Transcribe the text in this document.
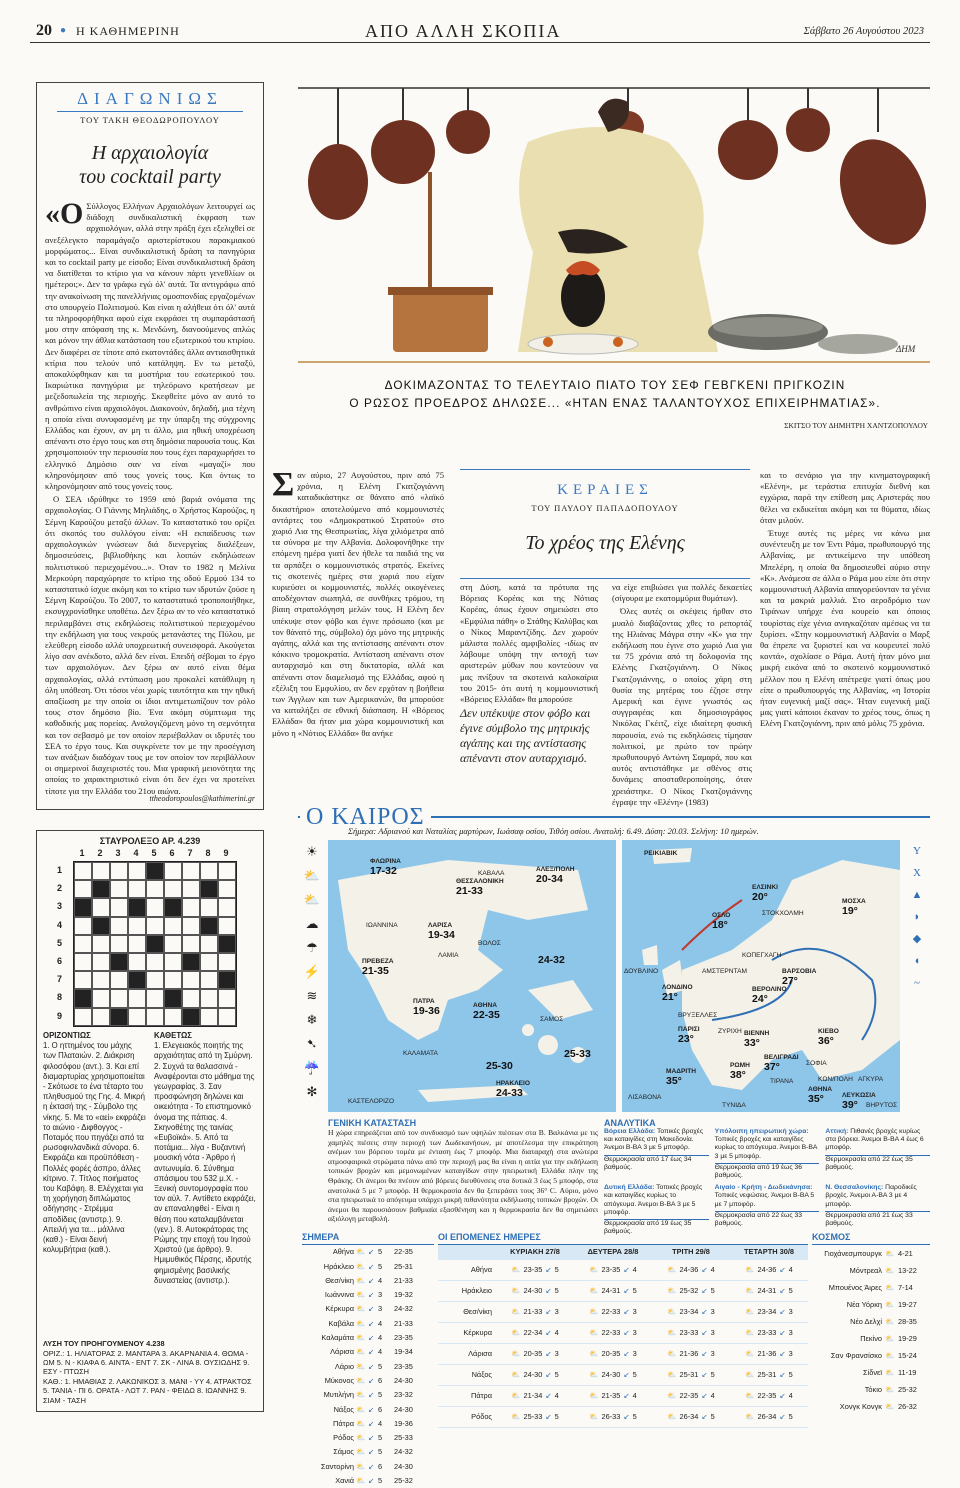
20 ● Η ΚΑΘΗΜΕΡΙΝΗ	ΑΠΟ ΑΛΛΗ ΣΚΟΠΙΑ	Σάββατο 26 Αυγούστου 2023
ΔΙΑΓΩΝΙΩΣ
ΤΟΥ ΤΑΚΗ ΘΕΟΔΩΡΟΠΟΥΛΟΥ
Η αρχαιολογία
του cocktail party

«Ο Σύλλογος Ελλήνων Αρχαιολόγων λειτουργεί ως διάδοχη συνδικαλιστική έκφραση των αρχαιολόγων, αλλά στην πράξη έχει εξελιχθεί σε ανεξέλεγκτο παραμάγαζο αριστερίστικου παρακμιακού μορφώματος... Είναι συνδικαλιστική δράση τα πανηγύρια και το cocktail party με είσοδο; Είναι συνδικαλιστική δράση να διατίθεται το κτίριο για να κάνουν πάρτι γενεθλίων οι ημέτεροι;». Δεν τα γράφω εγώ όλ' αυτά. Τα αντιγράφω από την ανακοίνωση της πανελλήνιας ομοσπονδίας εργαζομένων στο υπουργείο Πολιτισμού. Και είναι η αλήθεια ότι όλ' αυτά τα πληροφορήθηκα αφού είχα εκφράσει τη συμπαράστασή μου στην απόφαση της κ. Μενδώνη, διανοούμενος απλώς και μόνον την άθλια κατάσταση του εξωτερικού του κτιρίου. Δεν διαφέρει σε τίποτε από εκατοντάδες άλλα αντιαισθητικά κτίρια που τελούν υπό κατάληψη. Εν τω μεταξύ, αποκαλύφθηκαν και τα μυστήρια του εσωτερικού του. Ικαριώτικα πανηγύρια με τηλεόρωνο κρατήσεων με μεζεδοπωλεία της περιοχής. Σκεφθείτε μόνο αν αυτό το ανθρώπινο είναι αρχαιολόγοι. Διακονούν, δηλαδή, μια τέχνη η οποία είναι συνυφασμένη με την ύπαρξη της σύγχρονης Ελλάδος και έχουν, αν μη τι άλλο, μια ηθική υποχρέωση απέναντι στο έργο τους και στη δημόσια παρουσία τους. Και χρησιμοποιούν την περιουσία που τους έχει παραχωρήσει το ελληνικό Δημόσιο σαν να είναι «μαγαζί» που κληρονόμησαν από τους γονείς τους. Και όντως το κληρονόμησαν από τους γονείς τους.

Ο ΣΕΑ ιδρύθηκε το 1959 από βαριά ονόματα της αρχαιολογίας. Ο Γιάννης Μηλιάδης, ο Χρήστος Καρούζος, η Σέμνη Καρούζου μεταξύ άλλων. Το καταστατικό του ορίζει ότι σκοπός του συλλόγου είναι: «Η εκπαίδευσις των αρχαιολογικών γνώσεων διά διενεργείας διαλέξεων, δημοσιεύσεις, βιβλιοθήκης και λοιπών εκδηλώσεων πολιτιστικού περιεχομένου...». Όταν το 1982 η Μελίνα Μερκούρη παραχώρησε το κτίριο της οδού Ερμού 134 το καταστατικό ίσχυε ακόμη και το κτίριο των ιδρυτών ζούσε η Σέμνη Καρούζου. Το 2007, το καταστατικό τροποποιήθηκε, εκσυγχρονίσθηκε υποθέτω. Δεν ξέρω αν το νέο καταστατικό περιλαμβάνει στις εκδηλώσεις πολιτιστικού περιεχομένου την εκδήλωση για τους νεκρούς μετανάστες της Πύλου, με ελεύθερη είσοδο αλλά υποχρεωτική συνεισφορά. Ακούγεται λίγο σαν ανέκδοτο, αλλά δεν είναι. Επειδή σέβομαι το έργο των αρχαιολόγων. Δεν ξέρω αν αυτό είναι θέμα αρχαιολογίας, αλλά εντύπωση μου προκαλεί κατάθλιψη η όλη υπόθεση. Ότι τόσοι νέοι χωρίς ταυτότητα και την ηθική απαξίωση με την οποία οι ίδιοι αντιμετωπίζουν τον ρόλο τους στον δημόσιο βίο. Ένα ακόμη σύμπτωμα της καθοδικής μας πορείας. Αναλογιζόμενη μόνο τη σεμνότητα και τον σεβασμό με τον οποίον περιέβαλλαν οι ιδρυτές του ΣΕΑ το έργο τους. Και συγκρίνετε τον με την προσέγγιση των ανάξιων διαδόχων τους με τον οποίον τον περιβάλλουν οι σημερινοί διαχειριστές του. Μια γραφική μειονότητα της οποίας το χαρακτηριστικό είναι ότι δεν έχει να προτείνει τίποτε για την Ελλάδα του 21ου αιώνα.

ttheodoropoulos@kathimerini.gr
ΔΗΜ
ΔΟΚΙΜΑΖΟΝΤΑΣ ΤΟ ΤΕΛΕΥΤΑΙΟ ΠΙΑΤΟ ΤΟΥ ΣΕΦ ΓΕΒΓΚΕΝΙ ΠΡΙΓΚΟΖΙΝ
Ο ΡΩΣΟΣ ΠΡΟΕΔΡΟΣ ΔΗΛΩΣΕ... «ΗΤΑΝ ΕΝΑΣ ΤΑΛΑΝΤΟΥΧΟΣ ΕΠΙΧΕΙΡΗΜΑΤΙΑΣ».
ΣΚΙΤΣΟ ΤΟΥ ΔΗΜΗΤΡΗ ΧΑΝΤΖΟΠΟΥΛΟΥ

Σαν αύριο, 27 Αυγούστου, πριν από 75 χρόνια, η Ελένη Γκατζογιάννη καταδικάστηκε σε θάνατο από «λαϊκό δικαστήριο» αποτελούμενο από κομμουνιστές αντάρτες του «Δημοκρατικού Στρατού» στο χωριό Λια της Θεσπρωτίας, λίγα χιλιόμετρα από τα σύνορα με την Αλβανία. Δολοφονήθηκε την επόμενη ημέρα γιατί δεν ήθελε τα παιδιά της να τα αρπάξει ο κομμουνιστικός στρατός. Εκείνες τις σκοτεινές ημέρες στα χωριά που είχαν κυριεύσει οι κομμουνιστές, πολλές οικογένειες αποδέχονταν σιωπηλά, σε συνθήκες τρόμου, τη βίαιη στρατολόγηση μελών τους. Η Ελένη δεν υπέκυψε στον φόβο και έγινε πρόσωπο (και με τον θάνατό της, σύμβολο) όχι μόνο της μητρικής αγάπης, αλλά και της αντίστασης απέναντι στον κόκκινο τρομοκρατία. Αντίσταση απέναντι στον αυταρχισμό και στη δικτατορία, αλλά και απέναντι στον διαμελισμό της Ελλάδας, αφού η εξέλιξη του Εμφυλίου, αν δεν ερχόταν η βοήθεια των Άγγλων και των Αμερικανών, θα μπορούσε να καταλήξει σε εθνική διάσπαση. Η «Βόρειος Ελλάδα» θα ήταν μια χώρα κομμουνιστική και μόνο η «Νότιος Ελλάδα» θα ανήκε

ΚΕΡΑΙΕΣ
ΤΟΥ ΠΑΥΛΟΥ ΠΑΠΑΔΟΠΟΥΛΟΥ
Το χρέος της Ελένης

στη Δύση, κατά τα πρότυπα της Βόρειας Κορέας και της Νότιας Κορέας, όπως έχουν σημειώσει στο «Εμφύλια πάθη» ο Στάθης Καλύβας και ο Νίκος Μαραντζίδης. Δεν χωρούν μάλιστα πολλές αμφιβολίες -ιδίως αν λάβουμε υπόψη την αντοχή των αριστερών μύθων που κοντεύουν να μας πνίξουν τα σκοτεινά καλοκαίρια του 2015- ότι αυτή η κομμουνιστική «Βόρειος Ελλάδα» θα μπορούσε

να είχε επιβιώσει για πολλές δεκαετίες (σίγουρα με εκατομμύρια θυμάτων).

Όλες αυτές οι σκέψεις ήρθαν στο μυαλό διαβάζοντας χθες το ρεπορτάζ της Ηλιάνας Μάγρα στην «Κ» για την εκδήλωση που έγινε στο χωριό Λια για τα 75 χρόνια από τη δολοφονία της Ελένης Γκατζογιάννη. Ο Νίκος Γκατζογιάννης, ο οποίος χάρη στη θυσία της μητέρας του έζησε στην Αμερική και έγινε γνωστός ως συγγραφέας και δημοσιογράφος Νικόλας Γκέιτζ, είχε ιδιαίτερη φυσική παρουσία, ενώ τις εκδηλώσεις τίμησαν πολιτικοί, με πρώτο τον πρώην πρωθυπουργό Αντώνη Σαμαρά, που και αυτός αντιστάθηκε με σθένος στις δυνάμεις αποσταθεροποίησης, όταν χρειάστηκε. Ο Νίκος Γκατζογιάννης έγραψε την «Ελένη» (1983)

Δεν υπέκυψε στον φόβο και έγινε σύμβολο της μητρικής αγάπης και της αντίστασης απέναντι στον αυταρχισμό.

και το σενάριο για την κινηματογραφική «Ελένη», με τεράστια επιτυχία διεθνή και εγχώρια, παρά την επίθεση μας Αριστεράς που θέλει να εκδικείται ακόμη και τα θύματα, ιδίως όταν μιλούν.

Έτυχε αυτές τις μέρες να κάνω μια συνέντευξη με τον Έντι Ράμα, πρωθυπουργό της Αλβανίας, με αντικείμενο την υπόθεση Μπελέρη, η οποία θα δημοσιευθεί αύριο στην «Κ». Ανάμεσα σε άλλα ο Ράμα μου είπε ότι στην κομμουνιστική Αλβανία απαγορεύονταν τα γένια και τα μακριά μαλλιά. Στο αεροδρόμιο των Τιράνων υπήρχε ένα κουρείο και όποιος τουρίστας είχε γένια αναγκαζόταν αμέσως να τα ξυρίσει. «Στην κομμουνιστική Αλβανία ο Μαρξ θα έπρεπε να ξυριστεί και να κουρευτεί πολύ κοντά», σχολίασε ο Ράμα. Αυτή ήταν μόνο μια μικρή εικόνα από το σκοτεινό κομμουνιστικό μέλλον που η Ελένη απέτρεψε γιατί όπως μου είπε ο πρωθυπουργός της Αλβανίας, «η Ιστορία ήταν ευγενική μαζί σας». Ήταν ευγενική μαζί μας γιατί κάποιοι έκαναν το χρέος τους, όπως η Ελένη Γκατζογιάννη, πριν από μόλις 75 χρόνια.

ΣΤΑΥΡΟΛΕΞΟ ΑΡ. 4.239
1	2	3	4	5	6	7	8	9
1
2
3
4
5
6
7
8
9
ΟΡΙΖΟΝΤΙΩΣ
1. Ο ηττημένος του μάχης των Πλαταιών. 2. Διάκριση φιλοσόφου (αντ.). 3. Και επί διαμαρτυρίας χρησιμοποιείται - Σκότωσε το ένα τέταρτο του πληθυσμού της Γης. 4. Μικρή η έκτασή της - Σύμβολο της νίκης. 5. Με το «αεί» εκφράζει το αιώνιο - Διφθογγος - Ποταμός που πηγάζει από τα ρωσοφινλανδικά σύνορα. 6. Εκφράζει και προϋπόθεση - Πολλές φορές άσπρο, άλλες κίτρινο. 7. Τίτλος ποιήματος του Καβάφη. 8. Ελέγχεται για τη χορήγηση διπλώματος οδήγησης - Στρέμμα αποδίδεις (αντιστρ.). 9. Απειλή για τα... μάλλινα (καθ.) - Είναι δεινή κολυμβήτρια (καθ.).
ΚΑΘΕΤΩΣ
1. Ελεγειακός ποιητής της αρχαιότητας από τη Σμύρνη. 2. Συχνά τα θαλασσινά - Αναφέρονται στο μάθημα της γεωγραφίας. 3. Σαν προσφώνηση δηλώνει και οικειότητα - Το επιστημονικό όνομα της πάπιας. 4. Σκηνοθέτης της ταινίας «Ευβοϊκά». 5. Από τα ποτάμια... λίγα - Βυζαντινή μουσική νότα - Άρθρο ή αντωνυμία. 6. Σύνθημα σπάσιμου του 532 μ.Χ. - Ξενική συντομογραφία που τον αύλ. 7. Αντίθετο εκφράζει, αν επαναληφθεί - Είναι η θέση που καταλαμβάνεται (γεν.). 8. Αυτοκράτορας της Ρώμης την εποχή του Ιησού Χριστού (με άρθρο). 9. Ημιμυθικός Πέρσης, ιδρυτής φημισμένης βασιλικής δυναστείας (αντιστρ.).
ΛΥΣΗ ΤΟΥ ΠΡΟΗΓΟΥΜΕΝΟΥ 4.238
ΟΡΙΖ.: 1. ΗΛΙΑΤΟΡΑΣ 2. ΜΑΝΤΑΡΑ 3. ΑΚΑΡΝΑΝΙΑ 4. ΘΩΜΑ - ΩΜ 5. Ν - ΚΙΑΦΑ 6. ΑΙΝΤΑ - ΕΝΤ 7. ΣΚ - ΛΙΝΑ 8. ΟΥΣΙΩΔΗΣ 9. ΕΣΥ - ΠΤΩΣΗ
ΚΑΘ.: 1. ΗΜΑΘΙΑΣ 2. ΛΑΚΩΝΙΚΟΣ 3. ΜΑΝΙ - ΥΥ 4. ΑΤΡΑΚΤΟΣ 5. ΤΑΝΙΑ - ΠΙ 6. ΟΡΑΤΑ - ΛΩΤ 7. ΡΑΝ - ΦΕΙΔΩ 8. ΙΩΑΝΝΗΣ 9. ΣΙΑΜ - ΤΑΣΗ
Ο ΚΑΙΡΟΣ
Σήμερα: Αδριανού και Ναταλίας μαρτύρων, Ιωάσαφ οσίου, Τιθόη οσίου. Ανατολή: 6.49. Δύση: 20.03. Σελήνη: 10 ημερών.
ΦΛΩΡΙΝΑ
17-32
ΘΕΣΣΑΛΟΝΙΚΗ
21-33
ΑΛΕΞ/ΠΟΛΗ
20-34
ΚΑΒΑΛΑ
ΙΩΑΝΝΙΝΑ	ΛΑΡΙΣΑ
19-34
ΒΟΛΟΣ
ΛΑΜΙΑ
ΠΡΕΒΕΖΑ
21-35
24-32
ΠΑΤΡΑ
19-36	ΑΘΗΝΑ
22-35	ΣΑΜΟΣ
ΚΑΛΑΜΑΤΑ
25-30
25-33
ΗΡΑΚΛΕΙΟ
24-33
ΚΑΣΤΕΛΟΡΙΖΟ
☀
⛅
⛅
☁
☂
⚡
≋
❄
➷
☔
✻
ΡΕΙΚΙΑΒΙΚ
ΕΛΣΙΝΚΙ
20°
ΣΤΟΚΧΟΛΜΗ
ΜΟΣΧΑ
19°
ΟΣΛΟ
18°
ΚΟΠΕΓΧΑΓΗ
ΔΟΥΒΛΙΝΟ	ΑΜΣΤΕΡΝΤΑΜ	ΒΑΡΣΟΒΙΑ
27°
ΛΟΝΔΙΝΟ
21°
ΒΕΡΟΛΙΝΟ
24°
ΒΡΥΞΕΛΛΕΣ
ΠΑΡΙΣΙ
23°
ΖΥΡΙΧΗ ΒΙΕΝΝΗ
33°
ΚΙΕΒΟ
36°
ΒΕΛΙΓΡΑΔΙ
37°	ΣΟΦΙΑ
ΡΩΜΗ
38°
ΤΙΡΑΝΑ	ΚΩΝ/ΠΟΛΗ ΑΓΚΥΡΑ
ΜΑΔΡΙΤΗ
35°
ΑΘΗΝΑ
35°	ΛΕΥΚΩΣΙΑ
39°
ΛΙΣΑΒΟΝΑ
ΤΥΝΙΔΑ	ΒΗΡΥΤΟΣ
Υ
Χ
▲
◗
◆
◖
~
ΓΕΝΙΚΗ ΚΑΤΑΣΤΑΣΗ
Η χώρα επηρεάζεται από τον συνδυασμό των υψηλών πιέσεων στα Β. Βαλκάνια με τις χαμηλές πιέσεις στην περιοχή των Δωδεκανήσων, με αποτέλεσμα την επικράτηση ανέμων του βόρειου τομέα με ένταση έως 7 μποφόρ. Μια διαταραχή στα ανώτερα ατμοσφαιρικά στρώματα πάνω από την περιοχή μας θα είναι η αιτία για την εκδήλωση τοπικών βροχών και μεμονωμένων καταιγίδων στην ηπειρωτική Ελλάδα πλην της Θράκης. Οι άνεμοι θα πνέουν από βόρειες διευθύνσεις στα δυτικά 3 έως 5 μποφόρ, στα ανατολικά 5 με 7 μποφόρ. Η θερμοκρασία δεν θα ξεπεράσει τους 36° C. Αύριο, μόνο στα ηπειρωτικά το απόγευμα υπάρχει μικρή πιθανότητα εκδήλωσης τοπικών βροχών. Οι άνεμοι θα παρουσιάσουν βαθμιαία εξασθένηση και η θερμοκρασία δεν θα σημειώσει αξιόλογη μεταβολή.
ΑΝΑΛΥΤΙΚΑ
Βόρεια Ελλάδα: Τοπικές βροχές και καταιγίδες στη Μακεδονία. Άνεμοι Β-ΒΑ 3 με 5 μποφόρ.
Θερμοκρασία από 17 έως 34 βαθμούς.
Υπόλοιπη ηπειρωτική χώρα: Τοπικές βροχές και καταιγίδες κυρίως το απόγευμα. Άνεμοι Β-ΒΑ 3 με 5 μποφόρ.
Θερμοκρασία από 19 έως 36 βαθμούς.
Αττική: Πιθανές βροχές κυρίως στα βόρεια. Άνεμοι Β-ΒΑ 4 έως 6 μποφόρ.
Θερμοκρασία από 22 έως 35 βαθμούς.
Δυτική Ελλάδα: Τοπικές βροχές και καταιγίδες κυρίως το απόγευμα. Άνεμοι Β-ΒΑ 3 με 5 μποφόρ.
Θερμοκρασία από 19 έως 35 βαθμούς.
Αιγαίο - Κρήτη - Δωδεκάνησα: Τοπικές νεφώσεις. Άνεμοι Β-ΒΑ 5 με 7 μποφόρ.
Θερμοκρασία από 22 έως 33 βαθμούς.
Ν. Θεσσαλονίκης: Παροδικές βροχές. Άνεμοι Α-ΒΑ 3 με 4 μποφόρ.
Θερμοκρασία από 21 έως 33 βαθμούς.
ΣΗΜΕΡΑ
Αθήνα ⛅ ↙ 5	22-35
Ηράκλειο ⛅ ↙ 5	25-31
Θεσ/νίκη ⛅ ↙ 4	21-33
Ιωάννινα ⛅ ↙ 3	19-32
Κέρκυρα ⛅ ↙ 3	24-32
Καβάλα ⛅ ↙ 4	21-33
Καλαμάτα ⛅ ↙ 4	23-35
Λάρισα ⛅ ↙ 4	19-34
Λάριο ⛅ ↙ 5	23-35
Μύκονος ⛅ ↙ 6	24-30
Μυτιλήνη ⛅ ↙ 5	23-32
Νάξος ⛅ ↙ 6	24-30
Πάτρα ⛅ ↙ 4	19-36
Ρόδος ⛅ ↙ 5	25-33
Σάμος ⛅ ↙ 5	24-32
Σαντορίνη ⛅ ↙ 6	24-30
Χανιά ⛅ ↙ 5	25-32
ΟΙ ΕΠΟΜΕΝΕΣ ΗΜΕΡΕΣ
ΚΥΡΙΑΚΗ 27/8	ΔΕΥΤΕΡΑ 28/8	ΤΡΙΤΗ 29/8	ΤΕΤΑΡΤΗ 30/8
Αθήνα	⛅ 23-35 ↙ 5	⛅ 23-35 ↙ 4	⛅ 24-36 ↙ 4	⛅ 24-36 ↙ 4
Ηράκλειο	⛅ 24-30 ↙ 5	⛅ 24-31 ↙ 5	⛅ 25-32 ↙ 5	⛅ 24-31 ↙ 5
Θεσ/νίκη	⛅ 21-33 ↙ 3	⛅ 22-33 ↙ 3	⛅ 23-34 ↙ 3	⛅ 23-34 ↙ 3
Κέρκυρα	⛅ 22-34 ↙ 4	⛅ 22-33 ↙ 3	⛅ 23-33 ↙ 3	⛅ 23-33 ↙ 3
Λάρισα	⛅ 20-35 ↙ 3	⛅ 20-35 ↙ 3	⛅ 21-36 ↙ 3	⛅ 21-36 ↙ 3
Νάξος	⛅ 24-30 ↙ 5	⛅ 24-30 ↙ 5	⛅ 25-31 ↙ 5	⛅ 25-31 ↙ 5
Πάτρα	⛅ 21-34 ↙ 4	⛅ 21-35 ↙ 4	⛅ 22-35 ↙ 4	⛅ 22-35 ↙ 4
Ρόδος	⛅ 25-33 ↙ 5	⛅ 26-33 ↙ 5	⛅ 26-34 ↙ 5	⛅ 26-34 ↙ 5
ΚΟΣΜΟΣ
Γιοχάνεσμπουργκ ⛅ 4-21
Μόντρεαλ ⛅ 13-22
Μπουένος Άιρες ⛅ 7-14
Νέα Υόρκη ⛅ 19-27
Νέο Δελχί ⛅ 28-35
Πεκίνο ⛅ 19-29
Σαν Φρανσίσκο ⛅ 15-24
Σίδνεϊ ⛅ 11-19
Τόκιο ⛅ 25-32
Χονγκ Κονγκ ⛅ 26-32
